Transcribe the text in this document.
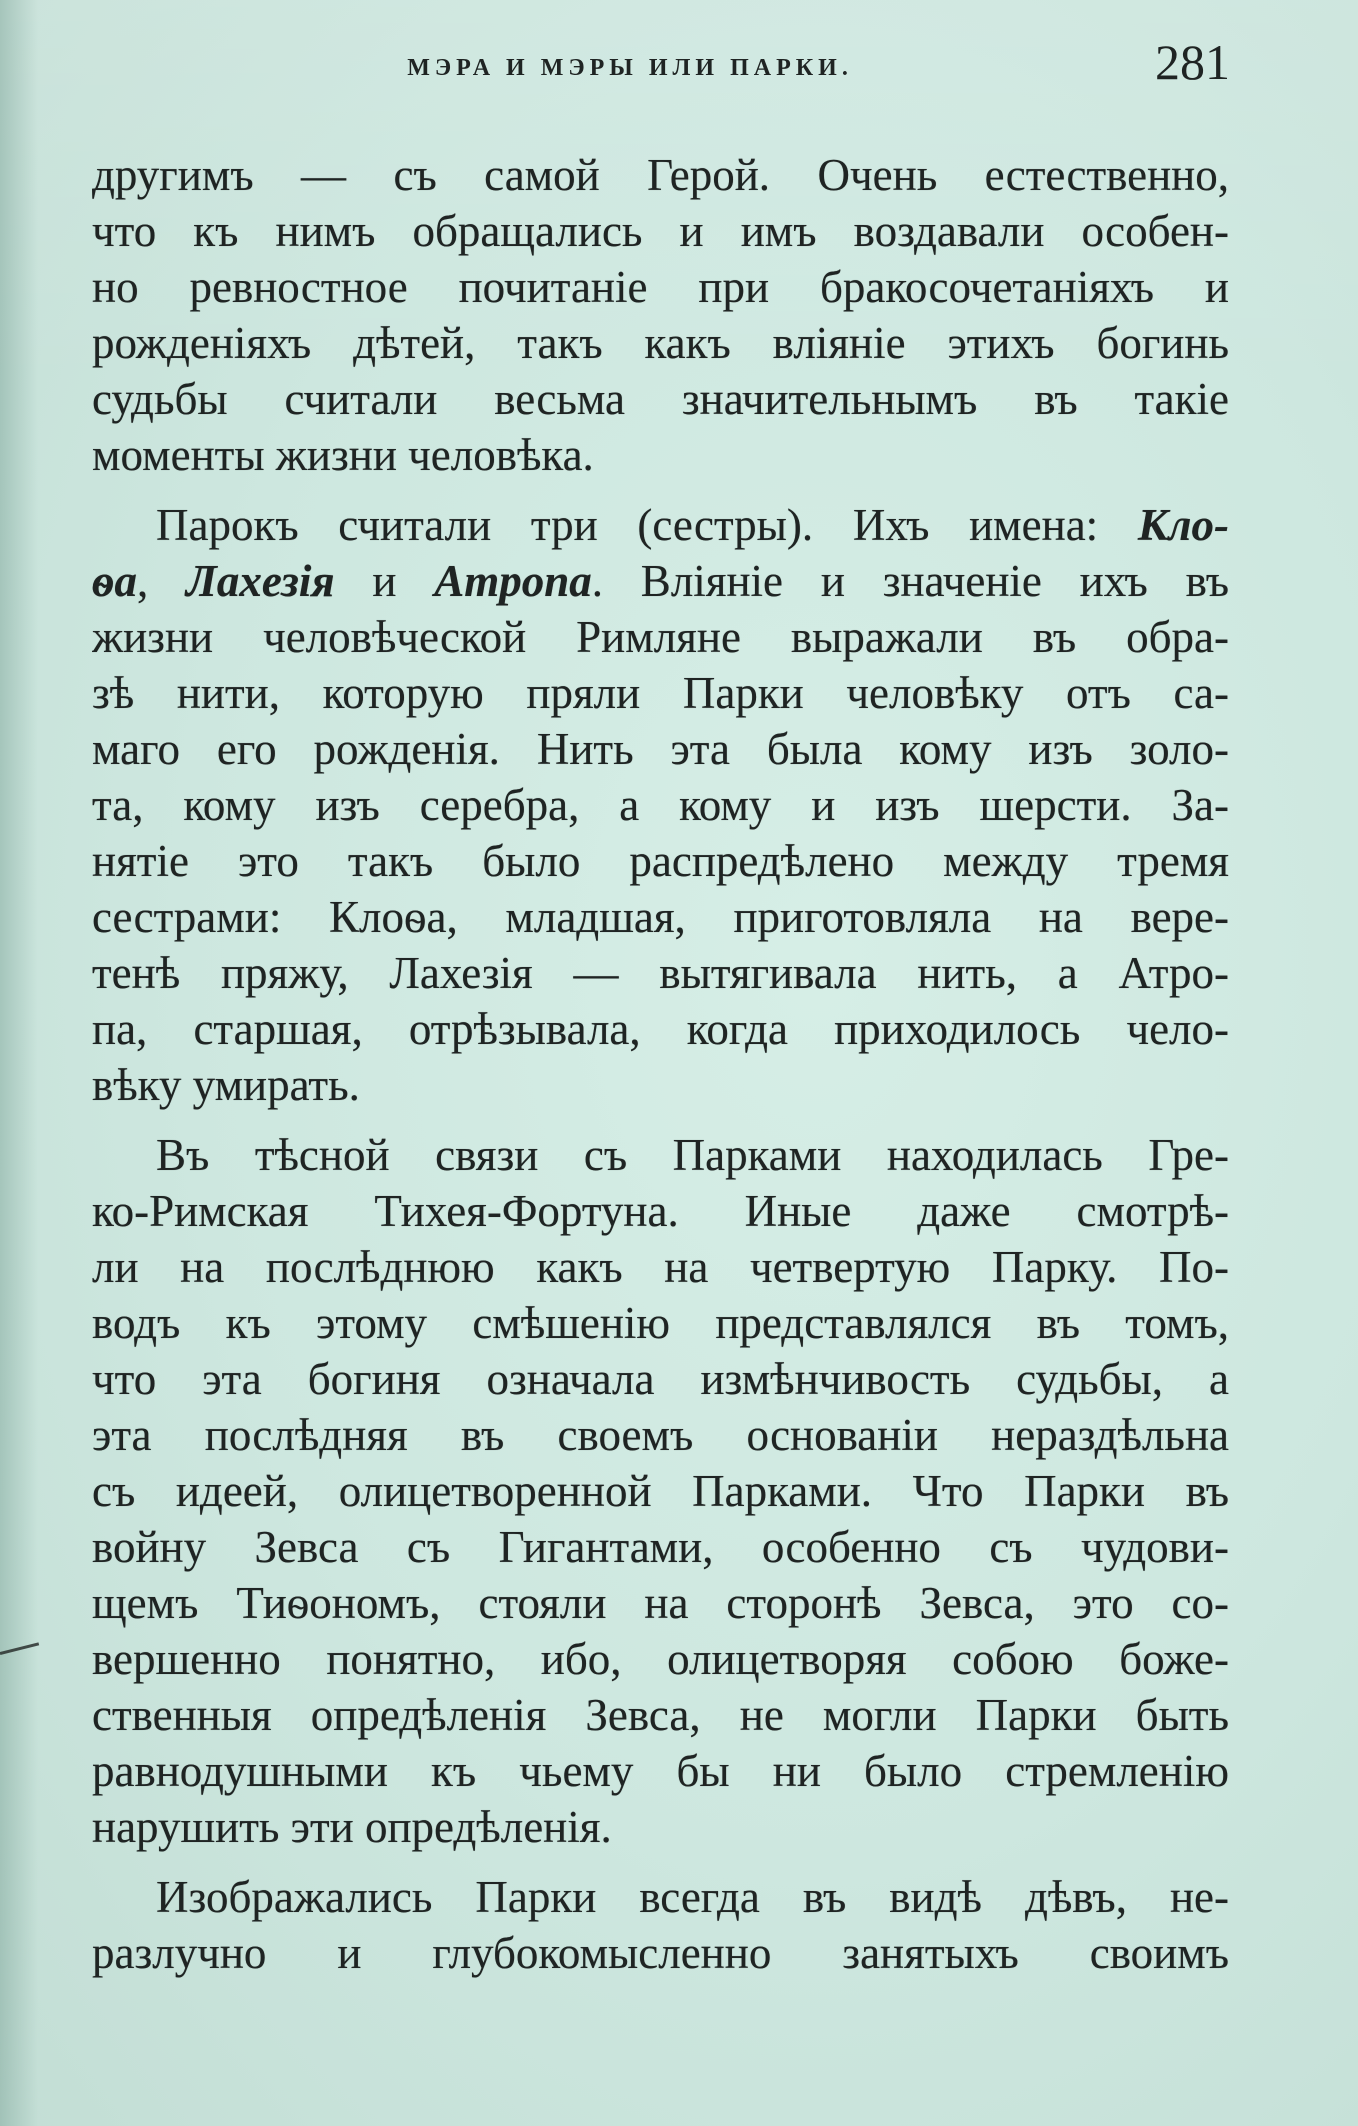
МЭРА И МЭРЫ ИЛИ ПАРКИ.	281
другимъ — съ самой Герой. Очень естественно,
что къ нимъ обращались и имъ воздавали особен-
но ревностное почитаніе при бракосочетаніяхъ и
рожденіяхъ дѣтей, такъ какъ вліяніе этихъ богинь
судьбы считали весьма значительнымъ въ такіе
моменты жизни человѣка.
Парокъ считали три (сестры). Ихъ имена: Кло-
ѳа, Лахезія и Атропа. Вліяніе и значеніе ихъ въ
жизни человѣческой Римляне выражали въ обра-
зѣ нити, которую пряли Парки человѣку отъ са-
маго его рожденія. Нить эта была кому изъ золо-
та, кому изъ серебра, а кому и изъ шерсти. За-
нятіе это такъ было распредѣлено между тремя
сестрами: Клоѳа, младшая, приготовляла на вере-
тенѣ пряжу, Лахезія — вытягивала нить, а Атро-
па, старшая, отрѣзывала, когда приходилось чело-
вѣку умирать.
Въ тѣсной связи съ Парками находилась Гре-
ко-Римская Тихея-Фортуна. Иные даже смотрѣ-
ли на послѣднюю какъ на четвертую Парку. По-
водъ къ этому смѣшенію представлялся въ томъ,
что эта богиня означала измѣнчивость судьбы, а
эта послѣдняя въ своемъ основаніи нераздѣльна
съ идеей, олицетворенной Парками. Что Парки въ
войну Зевса съ Гигантами, особенно съ чудови-
щемъ Тиѳономъ, стояли на сторонѣ Зевса, это со-
вершенно понятно, ибо, олицетворяя собою боже-
ственныя опредѣленія Зевса, не могли Парки быть
равнодушными къ чьему бы ни было стремленію
нарушить эти опредѣленія.
Изображались Парки всегда въ видѣ дѣвъ, не-
разлучно и глубокомысленно занятыхъ своимъ
